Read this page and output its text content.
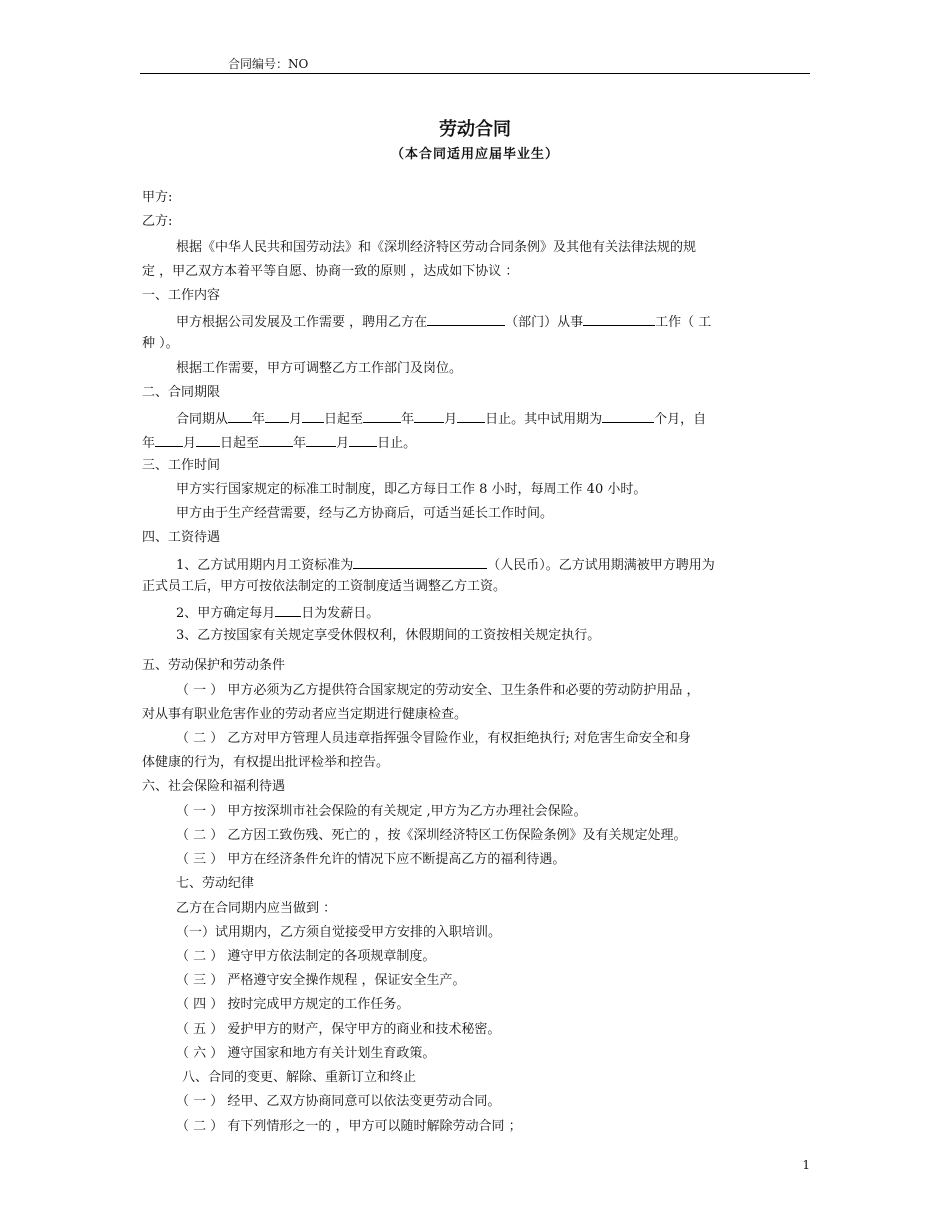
合同编号：NO
劳动合同
（本合同适用应届毕业生）
甲方:
乙方:
根据《中华人民共和国劳动法》和《深圳经济特区劳动合同条例》及其他有关法律法规的规
定 ，甲乙双方本着平等自愿、协商一致的原则 ，达成如下协议 ：
一、工作内容
甲方根据公司发展及工作需要 ，聘用乙方在	（部门）从事	工作（ 工
种 ）。
根据工作需要，甲方可调整乙方工作部门及岗位。
二、合同期限
合同期从 年 月 日起至	年 月 日止。其中试用期为	个月，自
年 月 日起至	年 月 日止。
三、工作时间
甲方实行国家规定的标准工时制度，即乙方每日工作 8 小时，每周工作 40 小时。
甲方由于生产经营需要，经与乙方协商后，可适当延长工作时间。
四、工资待遇
1、乙方试用期内月工资标准为	（人民币）。乙方试用期满被甲方聘用为
正式员工后，甲方可按依法制定的工资制度适当调整乙方工资。
2、甲方确定每月 日为发薪日。
3、乙方按国家有关规定享受休假权利，休假期间的工资按相关规定执行。
五、劳动保护和劳动条件
（ 一 ） 甲方必须为乙方提供符合国家规定的劳动安全、卫生条件和必要的劳动防护用品 ，
对从事有职业危害作业的劳动者应当定期进行健康检查。
（ 二 ） 乙方对甲方管理人员违章指挥强令冒险作业，有权拒绝执行; 对危害生命安全和身
体健康的行为，有权提出批评检举和控告。
六、社会保险和福利待遇
（ 一 ） 甲方按深圳市社会保险的有关规定 ,甲方为乙方办理社会保险。
（ 二 ） 乙方因工致伤残、死亡的 ，按《深圳经济特区工伤保险条例》及有关规定处理。
（ 三 ） 甲方在经济条件允许的情况下应不断提高乙方的福利待遇。
七、劳动纪律
乙方在合同期内应当做到 ：
（一）试用期内，乙方须自觉接受甲方安排的入职培训。
（ 二 ） 遵守甲方依法制定的各项规章制度。
（ 三 ） 严格遵守安全操作规程 ，保证安全生产。
（ 四 ） 按时完成甲方规定的工作任务。
（ 五 ） 爱护甲方的财产，保守甲方的商业和技术秘密。
（ 六 ） 遵守国家和地方有关计划生育政策。
八、合同的变更、解除、重新订立和终止
（ 一 ） 经甲、乙双方协商同意可以依法变更劳动合同。
（ 二 ） 有下列情形之一的 ，甲方可以随时解除劳动合同 ；
1
